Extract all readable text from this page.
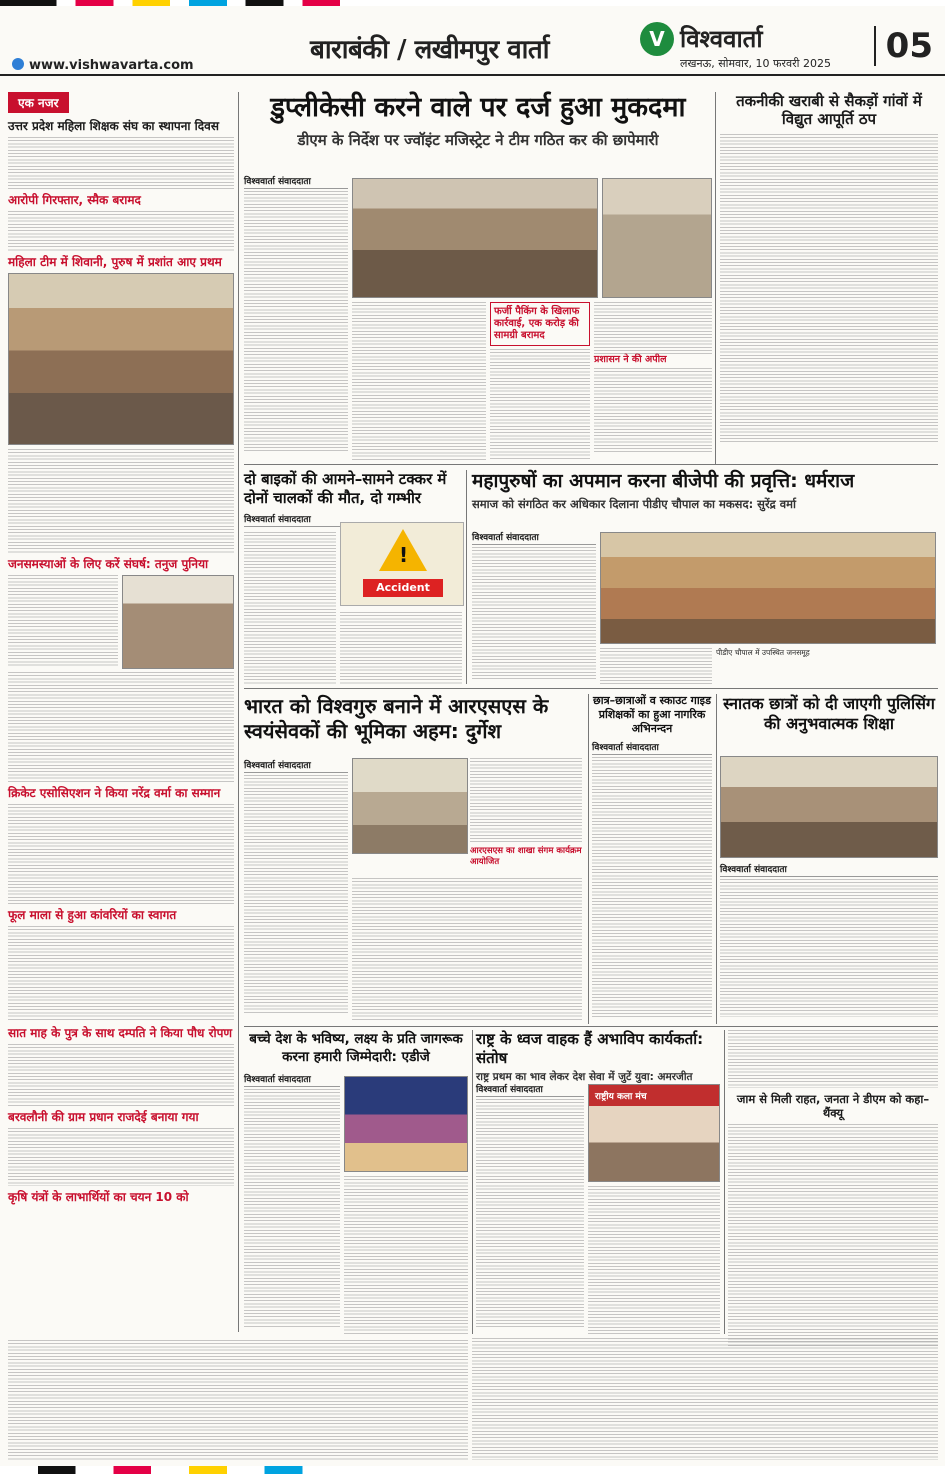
बाराबंकी / लखीमपुर वार्ता
www.vishwavarta.com
V विश्ववार्ता
लखनऊ, सोमवार, 10 फरवरी 2025	05
एक नजर
उत्तर प्रदेश महिला शिक्षक संघ का स्थापना दिवस
आरोपी गिरफ्तार, स्मैक बरामद
महिला टीम में शिवानी, पुरुष में प्रशांत आए प्रथम
जनसमस्याओं के लिए करें संघर्ष: तनुज पुनिया
क्रिकेट एसोसिएशन ने किया नरेंद्र वर्मा का सम्मान
फूल माला से हुआ कांवरियों का स्वागत
सात माह के पुत्र के साथ दम्पति ने किया पौध रोपण
बरवलौनी की ग्राम प्रधान राजदेई बनाया गया
कृषि यंत्रों के लाभार्थियों का चयन 10 को
डुप्लीकेसी करने वाले पर दर्ज हुआ मुकदमा
डीएम के निर्देश पर ज्वॉइंट मजिस्ट्रेट ने टीम गठित कर की छापेमारी
विश्ववार्ता संवाददाता
फर्जी पैकिंग के खिलाफ कार्रवाई, एक करोड़ की सामग्री बरामद
प्रशासन ने की अपील
तकनीकी खराबी से सैकड़ों गांवों में विद्युत आपूर्ति ठप
दो बाइकों की आमने–सामने टक्कर में दोनों चालकों की मौत, दो गम्भीर
विश्ववार्ता संवाददाता
!
Accident
महापुरुषों का अपमान करना बीजेपी की प्रवृत्ति: धर्मराज
समाज को संगठित कर अधिकार दिलाना पीडीए चौपाल का मकसद: सुरेंद्र वर्मा
विश्ववार्ता संवाददाता
पीडीए चौपाल में उपस्थित जनसमूह
भारत को विश्वगुरु बनाने में आरएसएस के स्वयंसेवकों की भूमिका अहम: दुर्गेश
विश्ववार्ता संवाददाता
आरएसएस का शाखा संगम कार्यक्रम आयोजित
छात्र–छात्राओं व स्काउट गाइड प्रशिक्षकों का हुआ नागरिक अभिनन्दन
विश्ववार्ता संवाददाता
स्नातक छात्रों को दी जाएगी पुलिसिंग की अनुभवात्मक शिक्षा
विश्ववार्ता संवाददाता
बच्चे देश के भविष्य, लक्ष्य के प्रति जागरूक करना हमारी जिम्मेदारी: एडीजे
विश्ववार्ता संवाददाता
राष्ट्र के ध्वज वाहक हैं अभाविप कार्यकर्ता: संतोष
राष्ट्र प्रथम का भाव लेकर देश सेवा में जुटें युवा: अमरजीत
विश्ववार्ता संवाददाता
राष्ट्रीय कला मंच	जाम से मिली राहत, जनता ने डीएम को कहा– थैंक्यू
